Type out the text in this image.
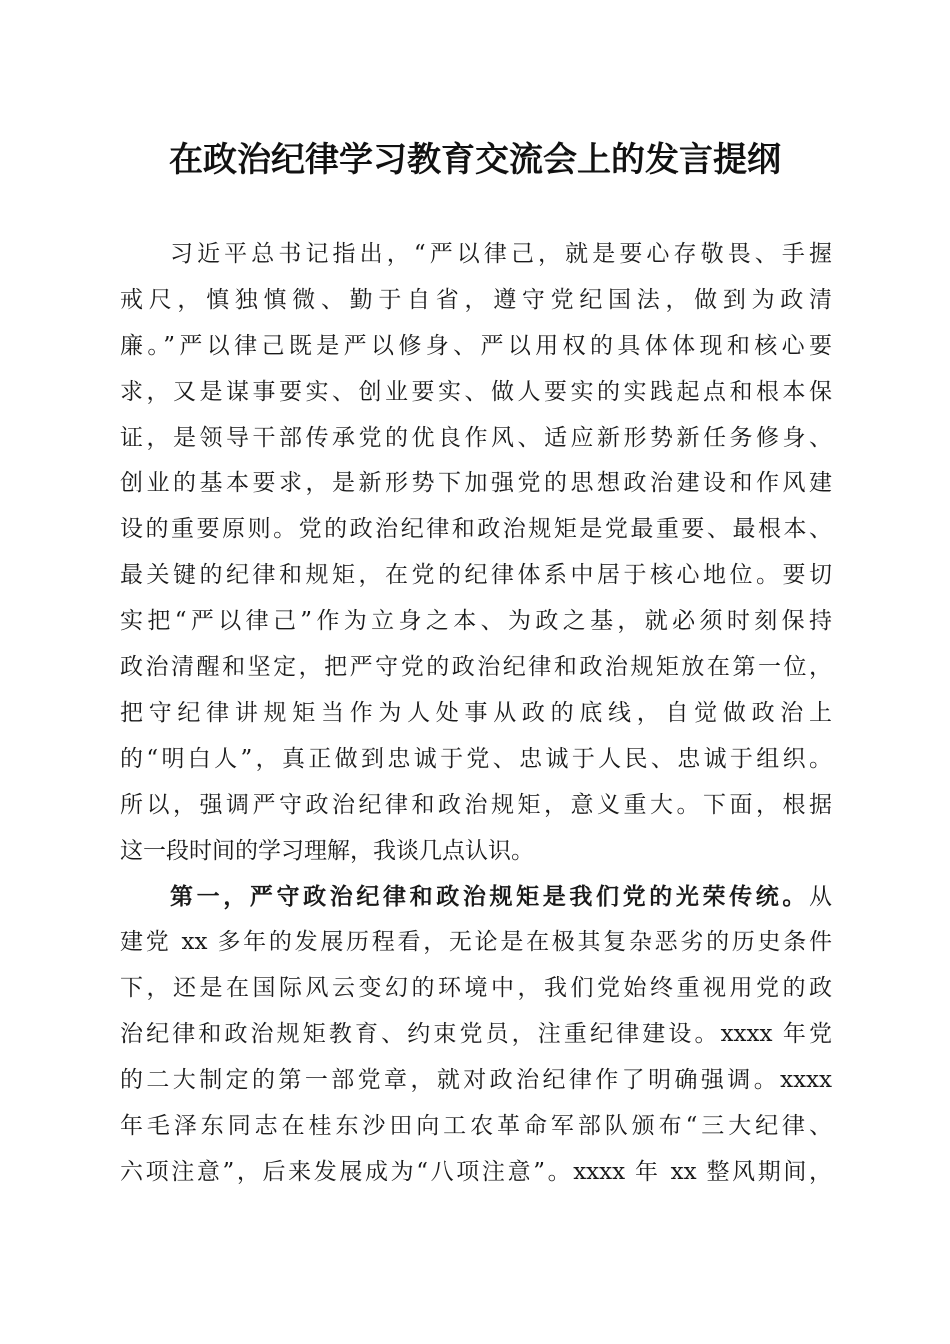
在政治纪律学习教育交流会上的发言提纲
习近平总书记指出，“严以律己，就是要心存敬畏、手握
戒尺，慎独慎微、勤于自省，遵守党纪国法，做到为政清
廉。”严以律己既是严以修身、严以用权的具体体现和核心要
求，又是谋事要实、创业要实、做人要实的实践起点和根本保
证，是领导干部传承党的优良作风、适应新形势新任务修身、
创业的基本要求，是新形势下加强党的思想政治建设和作风建
设的重要原则。党的政治纪律和政治规矩是党最重要、最根本、
最关键的纪律和规矩，在党的纪律体系中居于核心地位。要切
实把“严以律己”作为立身之本、为政之基，就必须时刻保持
政治清醒和坚定，把严守党的政治纪律和政治规矩放在第一位，
把守纪律讲规矩当作为人处事从政的底线，自觉做政治上
的“明白人”，真正做到忠诚于党、忠诚于人民、忠诚于组织。
所以，强调严守政治纪律和政治规矩，意义重大。下面，根据
这一段时间的学习理解，我谈几点认识。
第一，严守政治纪律和政治规矩是我们党的光荣传统。从
建党 xx 多年的发展历程看，无论是在极其复杂恶劣的历史条件
下，还是在国际风云变幻的环境中，我们党始终重视用党的政
治纪律和政治规矩教育、约束党员，注重纪律建设。xxxx 年党
的二大制定的第一部党章，就对政治纪律作了明确强调。xxxx
年毛泽东同志在桂东沙田向工农革命军部队颁布“三大纪律、
六项注意”，后来发展成为“八项注意”。xxxx 年 xx 整风期间，
